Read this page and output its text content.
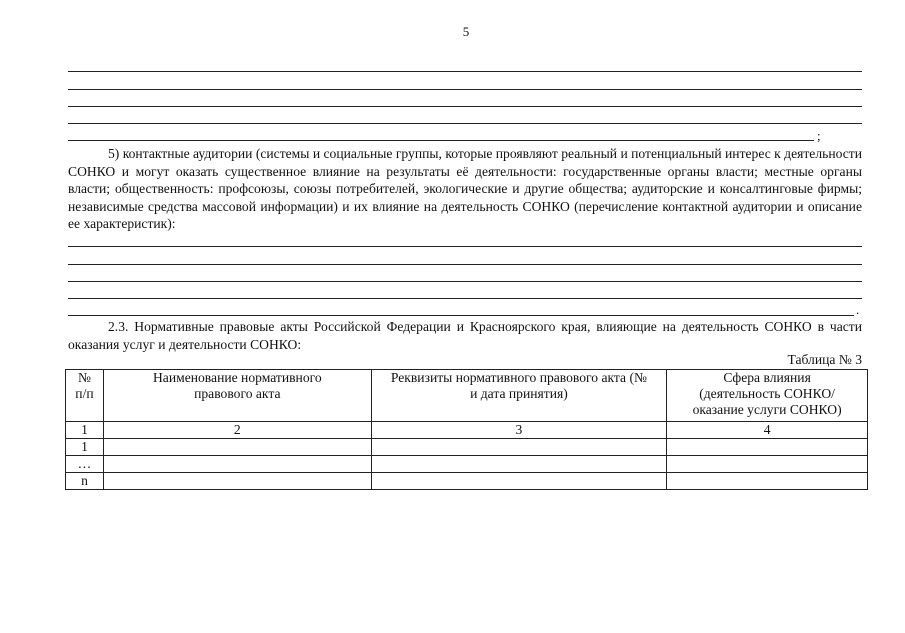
5
;

5) контактные аудитории (системы и социальные группы, которые проявляют реальный и потенциальный интерес к деятельности СОНКО и могут оказать существенное влияние на результаты её деятельности: государственные органы власти; местные органы власти; общественность: профсоюзы, союзы потребителей, экологические и другие общества; аудиторские и консалтинговые фирмы; независимые средства массовой информации) и их влияние на деятельность СОНКО (перечисление контактной аудитории и описание ее характеристик):

.

2.3. Нормативные правовые акты Российской Федерации и Красноярского края, влияющие на деятельность СОНКО в части оказания услуг и деятельности СОНКО:

Таблица № 3
№
п/п	Наименование нормативного правового акта	Реквизиты нормативного правового акта (№ и дата принятия)	Сфера влияния (деятельность СОНКО/ оказание услуги СОНКО)

1	2	3	4
1			
…			
n			
